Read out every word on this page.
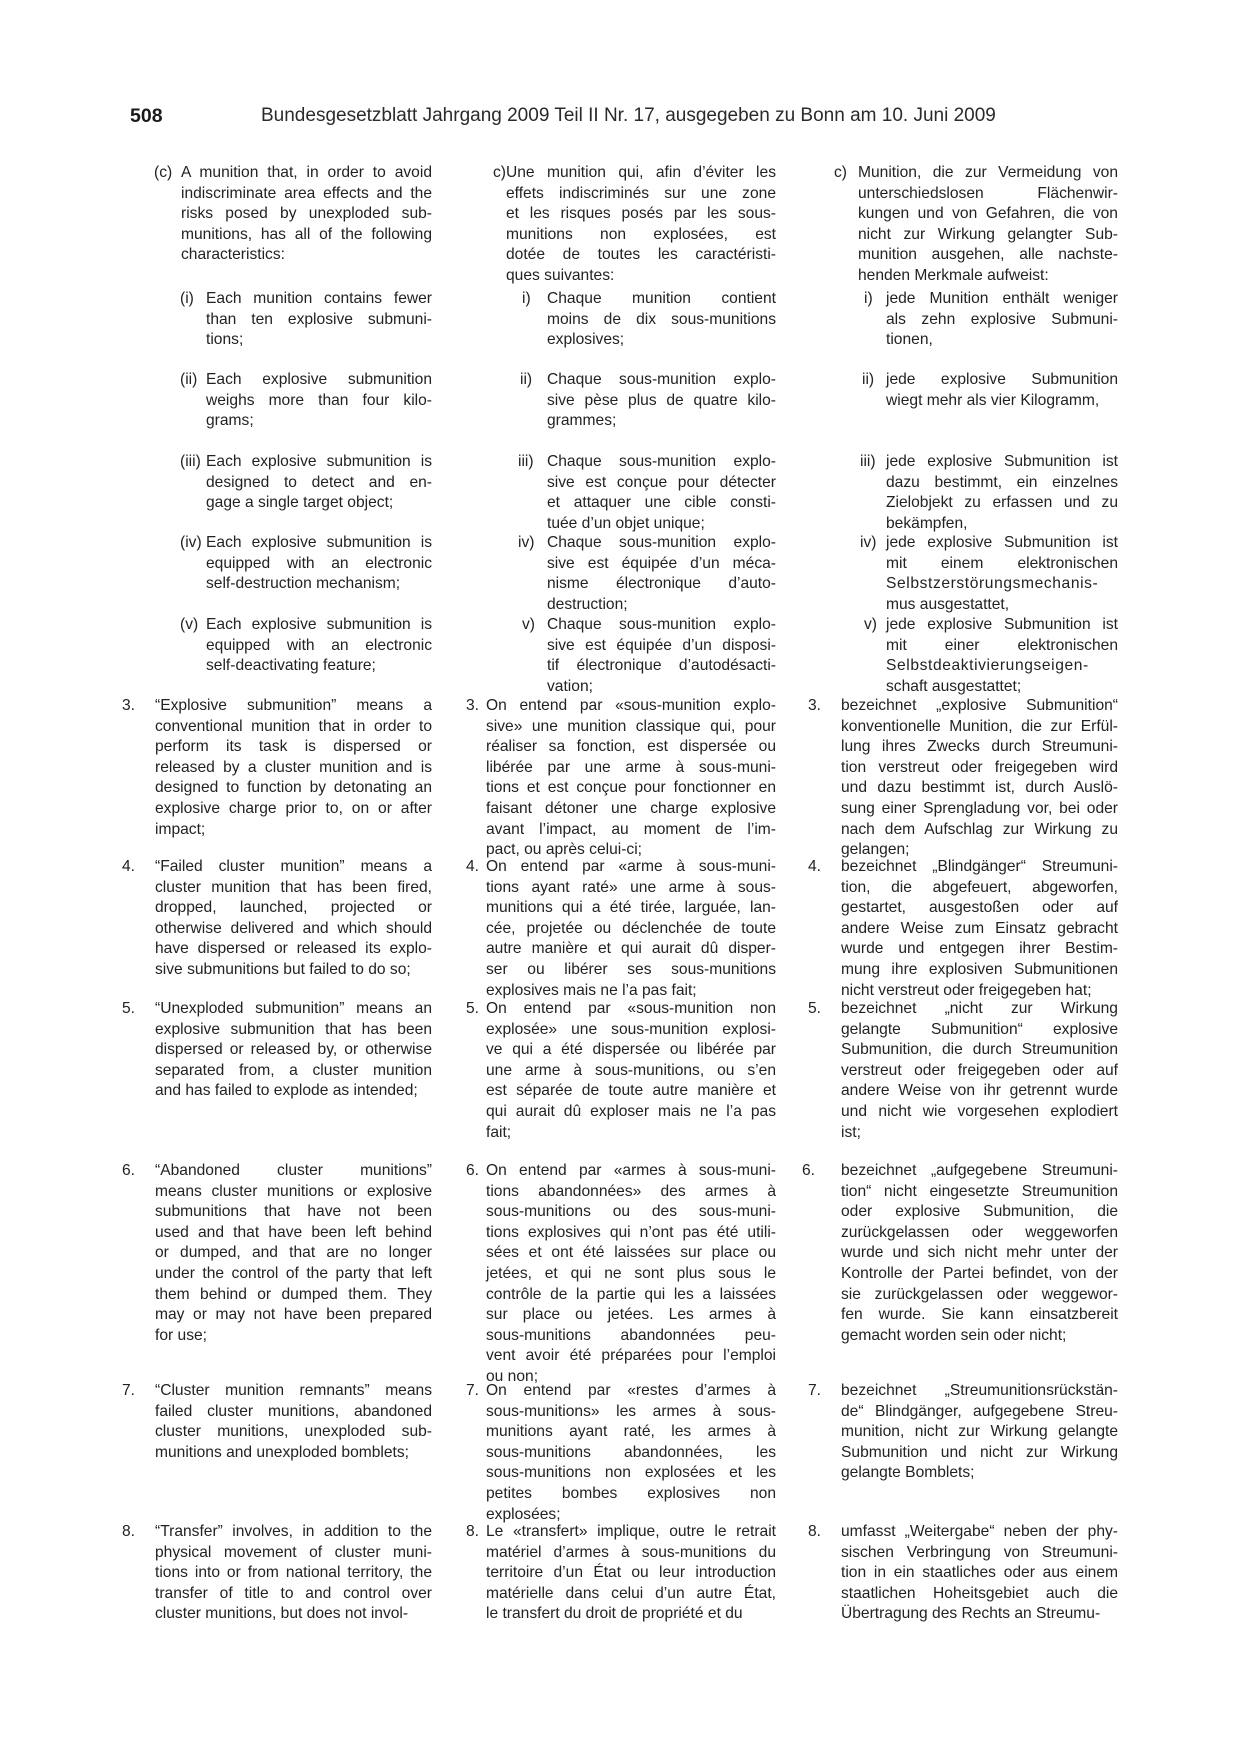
508	Bundesgesetzblatt Jahrgang 2009 Teil II Nr. 17, ausgegeben zu Bonn am 10. Juni 2009
(c) A munition that, in order to avoid
indiscriminate area effects and the
risks posed by unexploded sub-
munitions, has all of the following
characteristics:
(i) Each munition contains fewer
than ten explosive submuni-
tions;
(ii) Each explosive submunition
weighs more than four kilo-
grams;
(iii) Each explosive submunition is
designed to detect and en-
gage a single target object;
(iv) Each explosive submunition is
equipped with an electronic
self-destruction mechanism;
(v) Each explosive submunition is
equipped with an electronic
self-deactivating feature;
3. “Explosive submunition” means a
conventional munition that in order to
perform its task is dispersed or
released by a cluster munition and is
designed to function by detonating an
explosive charge prior to, on or after
impact;
4. “Failed cluster munition” means a
cluster munition that has been fired,
dropped, launched, projected or
otherwise delivered and which should
have dispersed or released its explo-
sive submunitions but failed to do so;
5. “Unexploded submunition” means an
explosive submunition that has been
dispersed or released by, or otherwise
separated from, a cluster munition
and has failed to explode as intended;
6. “Abandoned cluster munitions”
means cluster munitions or explosive
submunitions that have not been
used and that have been left behind
or dumped, and that are no longer
under the control of the party that left
them behind or dumped them. They
may or may not have been prepared
for use;
7. “Cluster munition remnants” means
failed cluster munitions, abandoned
cluster munitions, unexploded sub-
munitions and unexploded bomblets;
8. “Transfer” involves, in addition to the
physical movement of cluster muni-
tions into or from national territory, the
transfer of title to and control over
cluster munitions, but does not invol-
c) Une munition qui, afin d’éviter les
effets indiscriminés sur une zone
et les risques posés par les sous-
munitions non explosées, est
dotée de toutes les caractéristi-
ques suivantes:
i) Chaque munition contient
moins de dix sous-munitions
explosives;
ii) Chaque sous-munition explo-
sive pèse plus de quatre kilo-
grammes;
iii) Chaque sous-munition explo-
sive est conçue pour détecter
et attaquer une cible consti-
tuée d’un objet unique;
iv) Chaque sous-munition explo-
sive est équipée d’un méca-
nisme électronique d’auto-
destruction;
v) Chaque sous-munition explo-
sive est équipée d’un disposi-
tif électronique d’autodésacti-
vation;
3. On entend par «sous-munition explo-
sive» une munition classique qui, pour
réaliser sa fonction, est dispersée ou
libérée par une arme à sous-muni-
tions et est conçue pour fonctionner en
faisant détoner une charge explosive
avant l’impact, au moment de l’im-
pact, ou après celui-ci;
4. On entend par «arme à sous-muni-
tions ayant raté» une arme à sous-
munitions qui a été tirée, larguée, lan-
cée, projetée ou déclenchée de toute
autre manière et qui aurait dû disper-
ser ou libérer ses sous-munitions
explosives mais ne l’a pas fait;
5. On entend par «sous-munition non
explosée» une sous-munition explosi-
ve qui a été dispersée ou libérée par
une arme à sous-munitions, ou s’en
est séparée de toute autre manière et
qui aurait dû exploser mais ne l’a pas
fait;
6. On entend par «armes à sous-muni-
tions abandonnées» des armes à
sous-munitions ou des sous-muni-
tions explosives qui n’ont pas été utili-
sées et ont été laissées sur place ou
jetées, et qui ne sont plus sous le
contrôle de la partie qui les a laissées
sur place ou jetées. Les armes à
sous-munitions abandonnées peu-
vent avoir été préparées pour l’emploi
ou non;
7. On entend par «restes d’armes à
sous-munitions» les armes à sous-
munitions ayant raté, les armes à
sous-munitions abandonnées, les
sous-munitions non explosées et les
petites bombes explosives non
explosées;
8. Le «transfert» implique, outre le retrait
matériel d’armes à sous-munitions du
territoire d’un État ou leur introduction
matérielle dans celui d’un autre État,
le transfert du droit de propriété et du
c) Munition, die zur Vermeidung von
unterschiedslosen Flächenwir-
kungen und von Gefahren, die von
nicht zur Wirkung gelangter Sub-
munition ausgehen, alle nachste-
henden Merkmale aufweist:
i) jede Munition enthält weniger
als zehn explosive Submuni-
tionen,
ii) jede explosive Submunition
wiegt mehr als vier Kilogramm,
iii) jede explosive Submunition ist
dazu bestimmt, ein einzelnes
Zielobjekt zu erfassen und zu
bekämpfen,
iv) jede explosive Submunition ist
mit einem elektronischen
Selbstzerstörungsmechanis-
mus ausgestattet,
v) jede explosive Submunition ist
mit einer elektronischen
Selbstdeaktivierungseigen-
schaft ausgestattet;
3. bezeichnet „explosive Submunition“
konventionelle Munition, die zur Erfül-
lung ihres Zwecks durch Streumuni-
tion verstreut oder freigegeben wird
und dazu bestimmt ist, durch Auslö-
sung einer Sprengladung vor, bei oder
nach dem Aufschlag zur Wirkung zu
gelangen;
4. bezeichnet „Blindgänger“ Streumuni-
tion, die abgefeuert, abgeworfen,
gestartet, ausgestoßen oder auf
andere Weise zum Einsatz gebracht
wurde und entgegen ihrer Bestim-
mung ihre explosiven Submunitionen
nicht verstreut oder freigegeben hat;
5. bezeichnet „nicht zur Wirkung
gelangte Submunition“ explosive
Submunition, die durch Streumunition
verstreut oder freigegeben oder auf
andere Weise von ihr getrennt wurde
und nicht wie vorgesehen explodiert
ist;
6. bezeichnet „aufgegebene Streumuni-
tion“ nicht eingesetzte Streumunition
oder explosive Submunition, die
zurückgelassen oder weggeworfen
wurde und sich nicht mehr unter der
Kontrolle der Partei befindet, von der
sie zurückgelassen oder weggewor-
fen wurde. Sie kann einsatzbereit
gemacht worden sein oder nicht;
7. bezeichnet „Streumunitionsrückstän-
de“ Blindgänger, aufgegebene Streu-
munition, nicht zur Wirkung gelangte
Submunition und nicht zur Wirkung
gelangte Bomblets;
8. umfasst „Weitergabe“ neben der phy-
sischen Verbringung von Streumuni-
tion in ein staatliches oder aus einem
staatlichen Hoheitsgebiet auch die
Übertragung des Rechts an Streumu-
